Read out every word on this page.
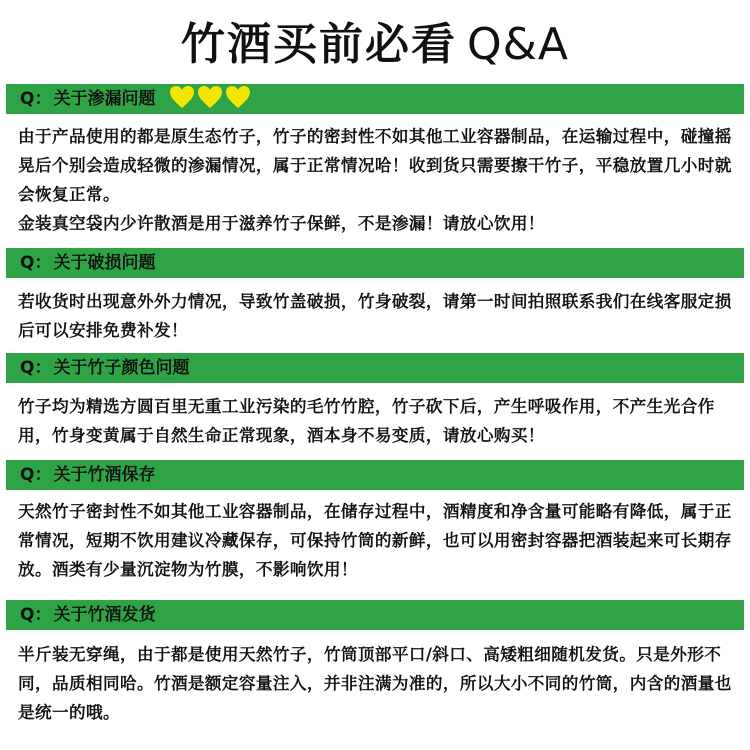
竹酒买前必看 Q&A
Q： 关于渗漏问题

由于产品使用的都是原生态竹子，竹子的密封性不如其他工业容器制品，在运输过程中，碰撞摇晃后个别会造成轻微的渗漏情况，属于正常情况哈！收到货只需要擦干竹子，平稳放置几小时就会恢复正常。

金装真空袋内少许散酒是用于滋养竹子保鲜，不是渗漏！请放心饮用！

Q： 关于破损问题

若收货时出现意外外力情况，导致竹盖破损，竹身破裂，请第一时间拍照联系我们在线客服定损后可以安排免费补发！

Q： 关于竹子颜色问题

竹子均为精选方圆百里无重工业污染的毛竹竹腔，竹子砍下后，产生呼吸作用，不产生光合作用，竹身变黄属于自然生命正常现象，酒本身不易变质，请放心购买！

Q： 关于竹酒保存

天然竹子密封性不如其他工业容器制品，在储存过程中，酒精度和净含量可能略有降低，属于正常情况，短期不饮用建议冷藏保存，可保持竹筒的新鲜，也可以用密封容器把酒装起来可长期存放。酒类有少量沉淀物为竹膜，不影响饮用！

Q： 关于竹酒发货

半斤装无穿绳，由于都是使用天然竹子，竹筒顶部平口/斜口、高矮粗细随机发货。只是外形不同，品质相同哈。竹酒是额定容量注入，并非注满为准的，所以大小不同的竹筒，内含的酒量也是统一的哦。
